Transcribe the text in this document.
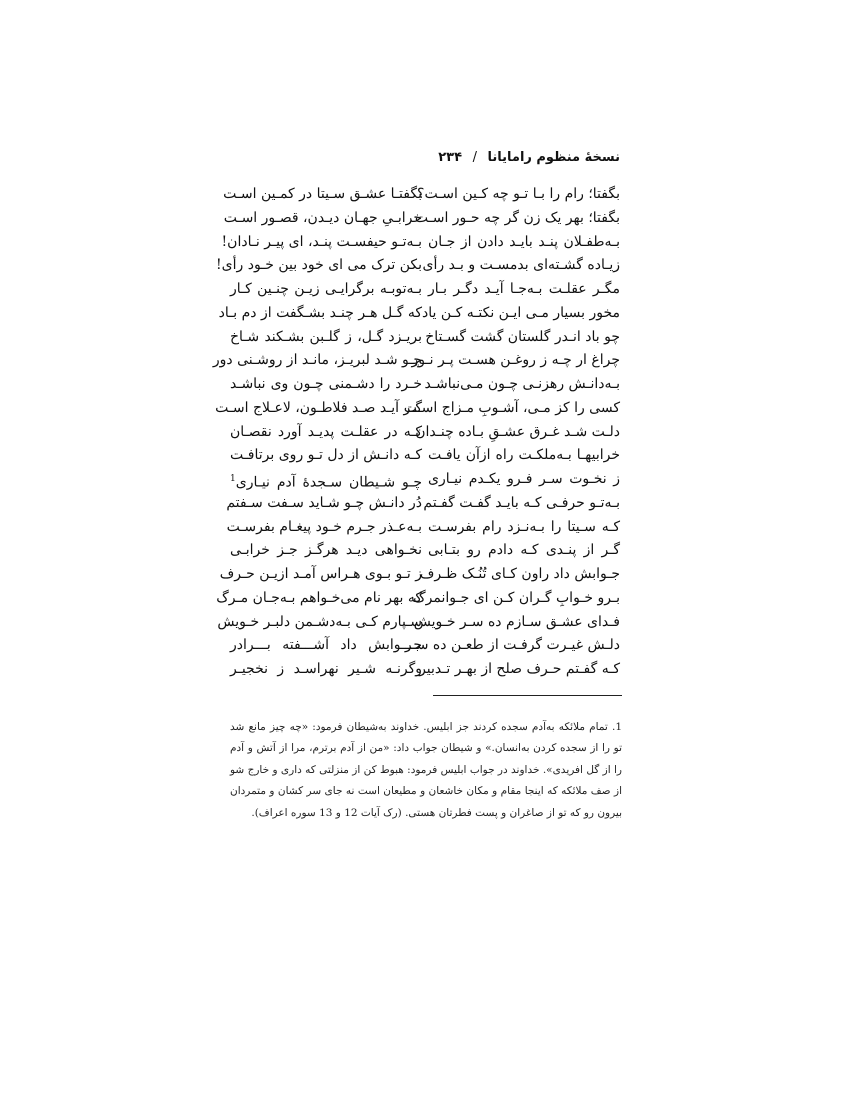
نسخهٔ منظوم رامایانا / ۲۳۴
بگفتا؛ رام را بـا تـو چه کـین اسـت؟
بگفتا؛ بهر یک زن گر چه حـور اسـت
بـه‌طفـلان پنـد بایـد دادن از جـان
زیـاده گشـته‌ای بدمسـت و بـد رأی
مگـر عقلـت بـه‌جـا آیـد دگـر بـار
مخور بسیار مـی ایـن نکتـه کـن یاد
چو باد انـدر گلستان گشت گسـتاخ
چراغ ار چـه ز روغـن هسـت پـر نـور
بـه‌دانـش رهزنـی چـون مـی‌نباشـد
کسی را کز مـی، آشـوبِ مـزاج اسـت
دلـت شـد غـرق عشـقِ بـاده چنـدان
خرابیهـا بـه‌ملکـت راه ازآن یافـت
ز نخـوت سـر فـرو یکـدم نیـاری
بـه‌تـو حرفـی کـه بایـد گفـت گفـتم
کـه سـیتا را بـه‌نـزد رام بفرسـت
گـر از پنـدی کـه دادم رو بتـابی
جـوابش داد راون کـای تُنُـک ظـرف
بـرو خـوابِ گـران کـن ای جـوانمرگ
فـدای عشـق سـازم ده سـر خـویش
دلـش غیـرت گرفـت از طعـن ده سـر
کـه گفـتم حـرف صلح از بهـر تـدبیر
بگفتـا عشـق سـیتا در کمـین اسـت
خرابـیِ جهـان دیـدن، قصـور اسـت
بـه‌تـو حیفسـت پنـد، ای پیـر نـادان!
بکن ترک می ای خود بین خـود رأی!
بـه‌توبـه برگرایـی زیـن چنـین کـار
که گـل هـر چنـد بشـگفت از دم بـاد
بریـزد گـل، ز گلـبن بشـکند شـاخ
چـو شـد لبریـز، مانـد از روشـنی دور
خـرد را دشـمنی چـون وی نباشـد
گـر آیـد صـد فلاطـون، لاعـلاج اسـت
کـه در عقلـت پدیـد آورد نقصـان
کـه دانـش از دل تـو روی برتافـت
چـو شـیطان سـجدهٔ آدم نیـاری$^1$
دُر دانـش چـو شـاید سـفت سـفتم
بـه‌عـذر جـرم خـود پیغـام بفرسـت
نخـواهی دیـد هرگـز جـز خرابـی
ز تـو بـوی هـراس آمـد ازیـن حـرف
که بهر نام می‌خـواهم بـه‌جـان مـرگ
سـپارم کـی بـه‌دشـمن دلبـر خـویش
جـــوابش داد آشـــفته بـــرادر
وگرنـه شـیر نهراسـد ز نخجیـر

1. تمام ملائکه به‌آدم سجده کردند جز ابلیس. خداوند به‌شیطان فرمود: «چه چیز مانع شد تو را از سجده کردن به‌انسان.» و شیطان جواب داد: «من از آدم برترم، مرا از آتش و آدم را از گل افریدی». خداوند در جواب ابلیس فرمود: هبوط کن از منزلتی که داری و خارج شو از صف ملائکه که اینجا مقام و مکان خاشعان و مطیعان است نه جای سر کشان و متمردان بیرون رو که تو از صاغران و پست فطرتان هستی. (رک آیات 12 و 13 سوره اعراف).
